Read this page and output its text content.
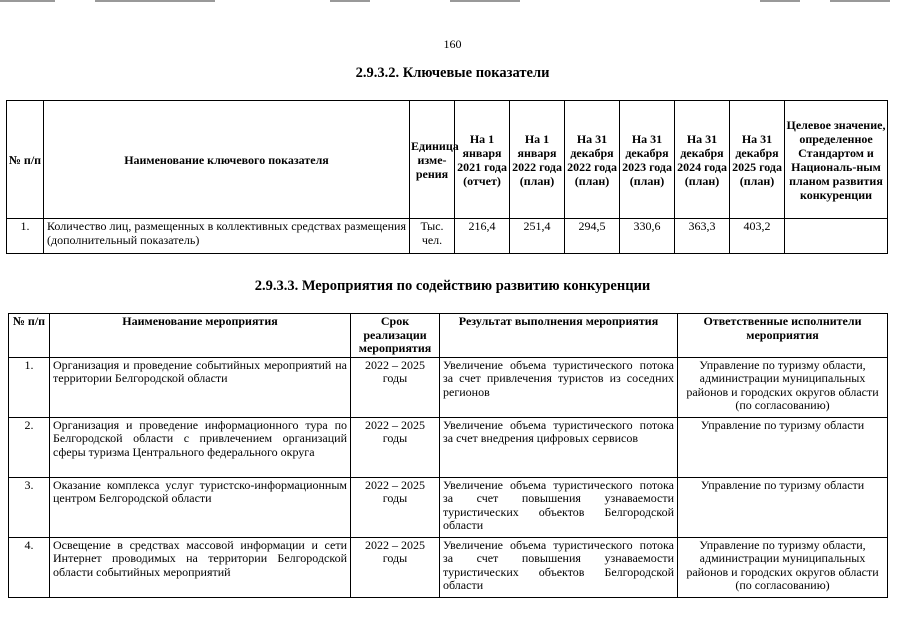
160
2.9.3.2. Ключевые показатели
№ п/п	Наименование ключевого показателя	Единица изме-рения	На 1 января 2021 года (отчет)	На 1 января 2022 года (план)	На 31 декабря 2022 года (план)	На 31 декабря 2023 года (план)	На 31 декабря 2024 года (план)	На 31 декабря 2025 года (план)	Целевое значение, определенное Стандартом и Националь-ным планом развития конкуренции
1.	Количество лиц, размещенных в коллективных средствах размещения (дополнительный показатель)	Тыс. чел.	216,4	251,4	294,5	330,6	363,3	403,2	
2.9.3.3. Мероприятия по содействию развитию конкуренции
№ п/п	Наименование мероприятия	Срок реализации мероприятия	Результат выполнения мероприятия	Ответственные исполнители мероприятия
1.	Организация и проведение событийных мероприятий на территории Белгородской области	2022 – 2025 годы	Увеличение объема туристического потока за счет привлечения туристов из соседних регионов	Управление по туризму области, администрации муниципальных районов и городских округов области (по согласованию)
2.	Организация и проведение информационного тура по Белгородской области с привлечением организаций сферы туризма Центрального федерального округа	2022 – 2025 годы	Увеличение объема туристического потока за счет внедрения цифровых сервисов	Управление по туризму области
3.	Оказание комплекса услуг туристско-информационным центром Белгородской области	2022 – 2025 годы	Увеличение объема туристического потока за счет повышения узнаваемости туристических объектов Белгородской области	Управление по туризму области
4.	Освещение в средствах массовой информации и сети Интернет проводимых на территории Белгородской области событийных мероприятий	2022 – 2025 годы	Увеличение объема туристического потока за счет повышения узнаваемости туристических объектов Белгородской области	Управление по туризму области, администрации муниципальных районов и городских округов области (по согласованию)
